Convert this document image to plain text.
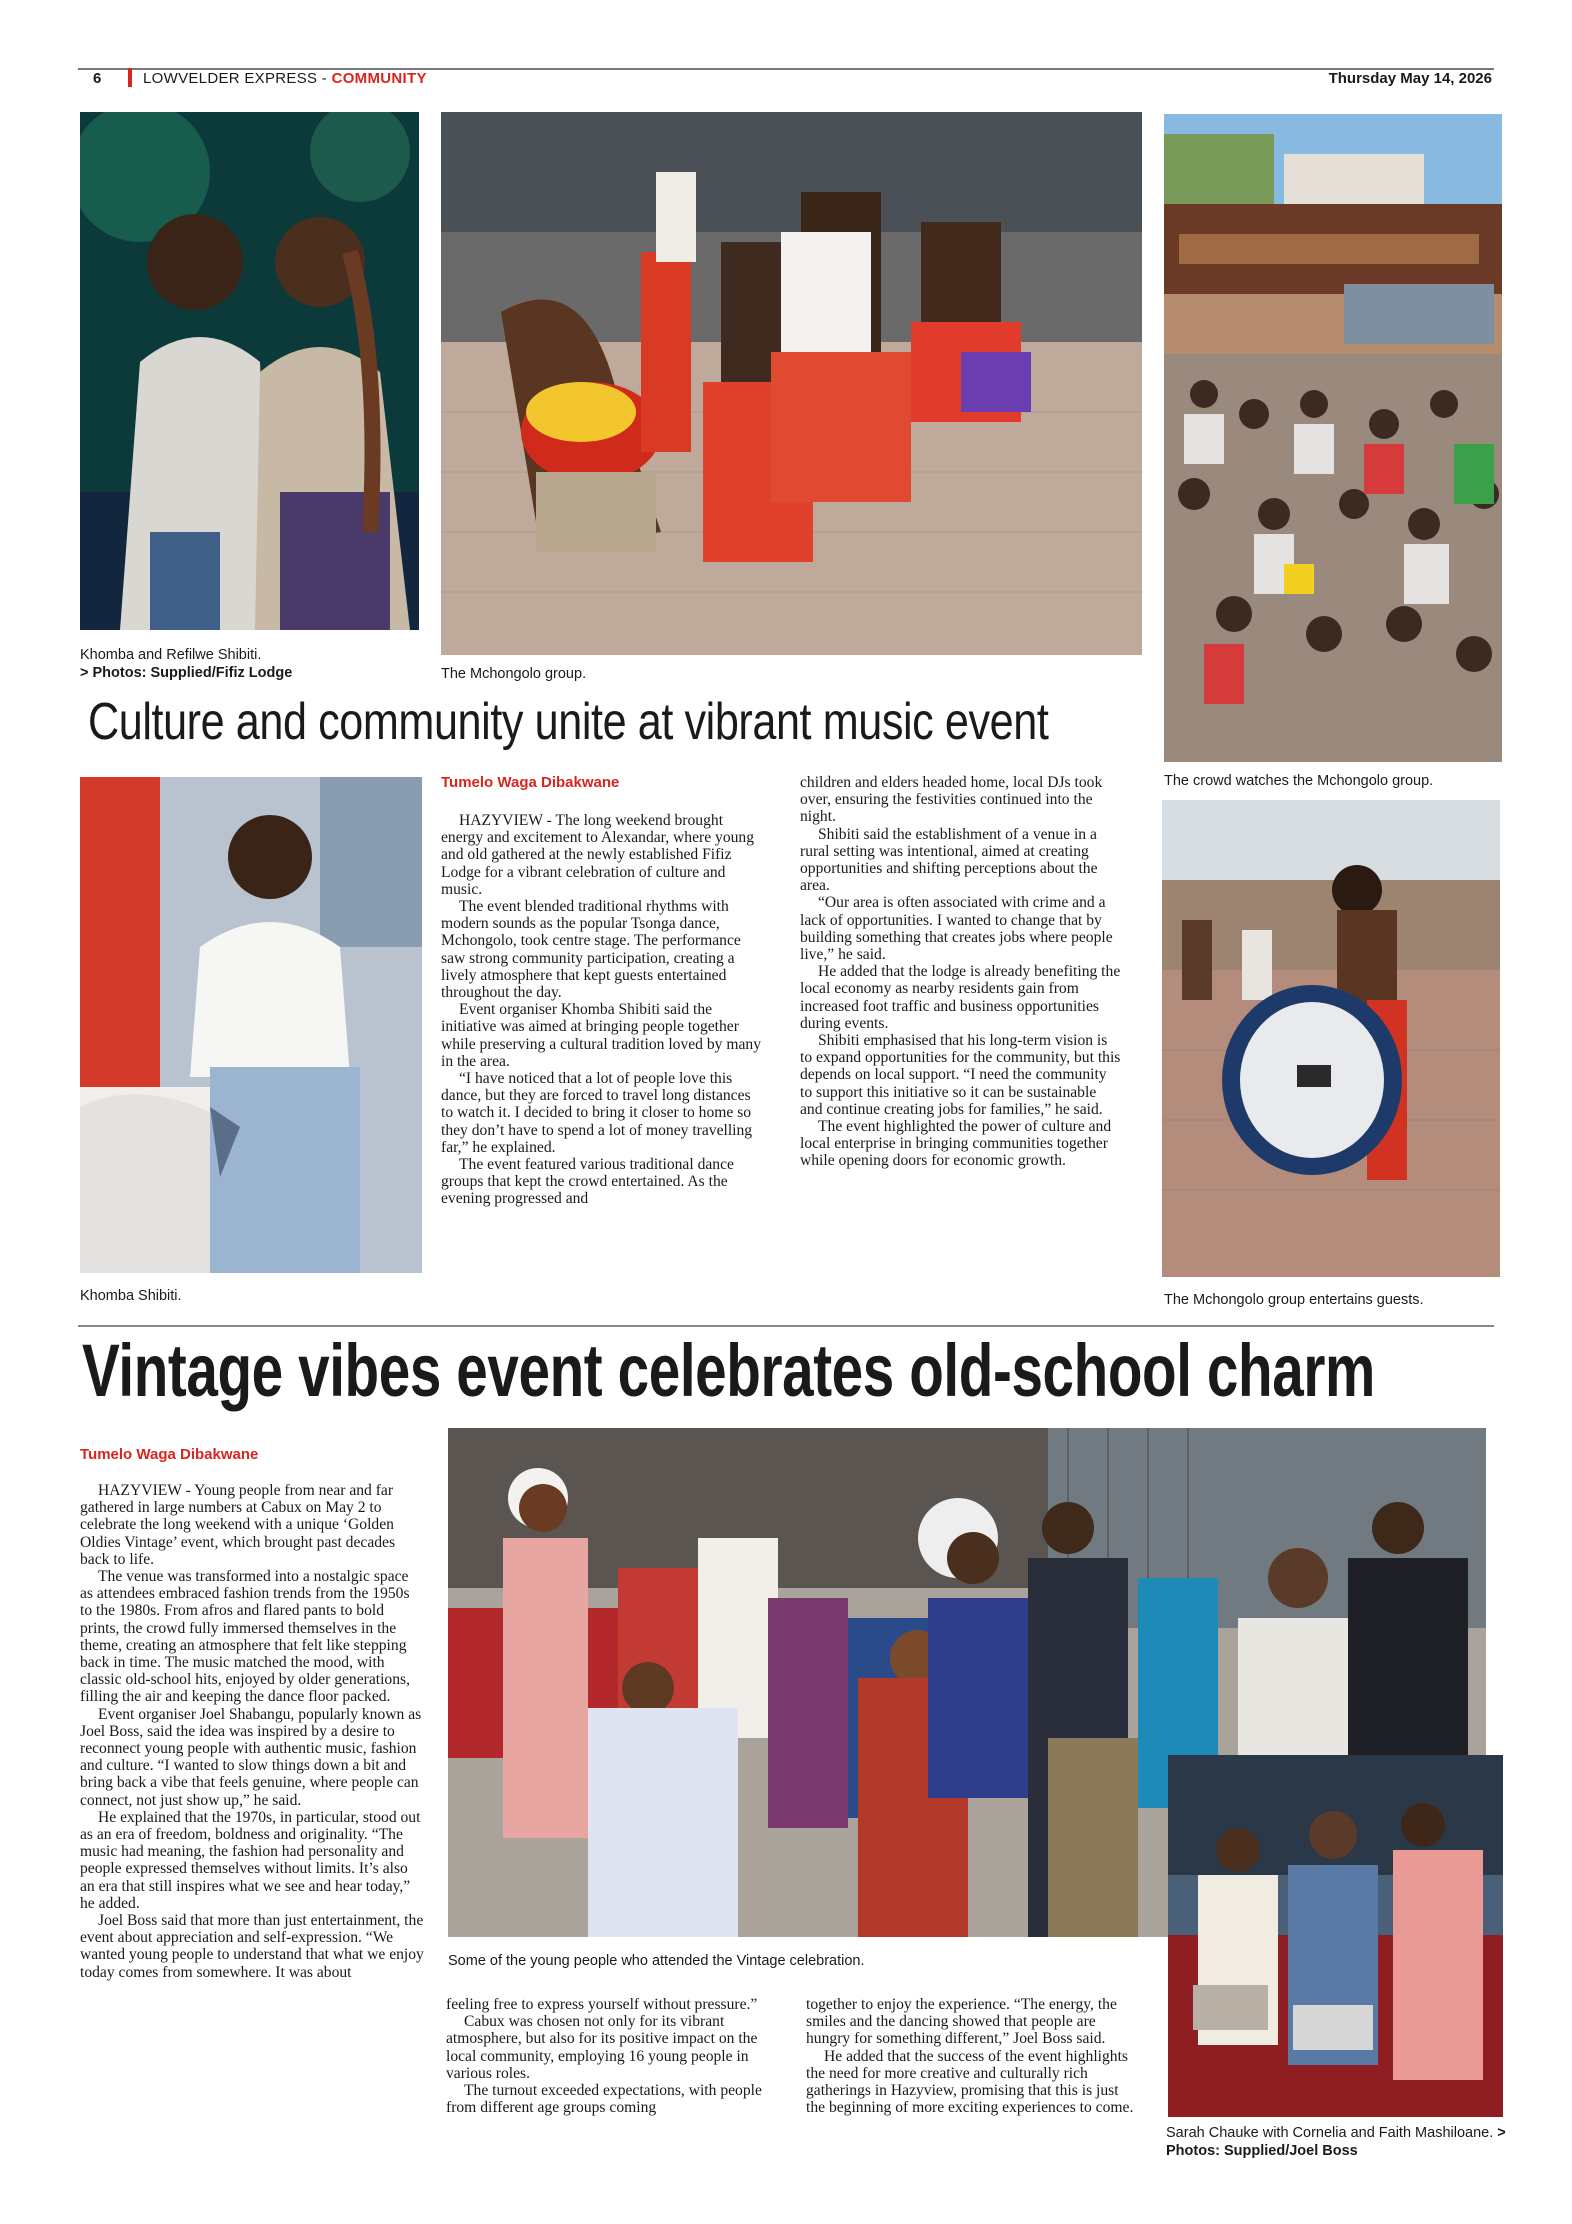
6	LOWVELDER EXPRESS - COMMUNITY	Thursday May 14, 2026
Khomba and Refilwe Shibiti.
> Photos: Supplied/Fifiz Lodge	The Mchongolo group.
The crowd watches the Mchongolo group.
Culture and community unite at vibrant music event
Khomba Shibiti.
Tumelo Waga Dibakwane

HAZYVIEW - The long weekend brought energy and excitement to Alexandar, where young and old gathered at the newly established Fifiz Lodge for a vibrant celebration of culture and music.

The event blended traditional rhythms with modern sounds as the popular Tsonga dance, Mchongolo, took centre stage. The performance saw strong community participation, creating a lively atmosphere that kept guests entertained throughout the day.

Event organiser Khomba Shibiti said the initiative was aimed at bringing people together while preserving a cultural tradition loved by many in the area.

“I have noticed that a lot of people love this dance, but they are forced to travel long distances to watch it. I decided to bring it closer to home so they don’t have to spend a lot of money travelling far,” he explained.

The event featured various traditional dance groups that kept the crowd entertained. As the evening progressed and

children and elders headed home, local DJs took over, ensuring the festivities continued into the night.

Shibiti said the establishment of a venue in a rural setting was intentional, aimed at creating opportunities and shifting perceptions about the area.

“Our area is often associated with crime and a lack of opportunities. I wanted to change that by building something that creates jobs where people live,” he said.

He added that the lodge is already benefiting the local economy as nearby residents gain from increased foot traffic and business opportunities during events.

Shibiti emphasised that his long-term vision is to expand opportunities for the community, but this depends on local support. “I need the community to support this initiative so it can be sustainable and continue creating jobs for families,” he said.

The event highlighted the power of culture and local enterprise in bringing communities together while opening doors for economic growth.

The Mchongolo group entertains guests.
Vintage vibes event celebrates old-school charm
Tumelo Waga Dibakwane

HAZYVIEW - Young people from near and far gathered in large numbers at Cabux on May 2 to celebrate the long weekend with a unique ‘Golden Oldies Vintage’ event, which brought past decades back to life.

The venue was transformed into a nostalgic space as attendees embraced fashion trends from the 1950s to the 1980s. From afros and flared pants to bold prints, the crowd fully immersed themselves in the theme, creating an atmosphere that felt like stepping back in time. The music matched the mood, with classic old-school hits, enjoyed by older generations, filling the air and keeping the dance floor packed.

Event organiser Joel Shabangu, popularly known as Joel Boss, said the idea was inspired by a desire to reconnect young people with authentic music, fashion and culture. “I wanted to slow things down a bit and bring back a vibe that feels genuine, where people can connect, not just show up,” he said.

He explained that the 1970s, in particular, stood out as an era of freedom, boldness and originality. “The music had meaning, the fashion had personality and people expressed themselves without limits. It’s also an era that still inspires what we see and hear today,” he added.

Joel Boss said that more than just entertainment, the event about appreciation and self-expression. “We wanted young people to understand that what we enjoy today comes from somewhere. It was about

Some of the young people who attended the Vintage celebration.
Sarah Chauke with Cornelia and Faith Mashiloane. > Photos: Supplied/Joel Boss

feeling free to express yourself without pressure.”

Cabux was chosen not only for its vibrant atmosphere, but also for its positive impact on the local community, employing 16 young people in various roles.

The turnout exceeded expectations, with people from different age groups coming

together to enjoy the experience. “The energy, the smiles and the dancing showed that people are hungry for something different,” Joel Boss said.

He added that the success of the event highlights the need for more creative and culturally rich gatherings in Hazyview, promising that this is just the beginning of more exciting experiences to come.
